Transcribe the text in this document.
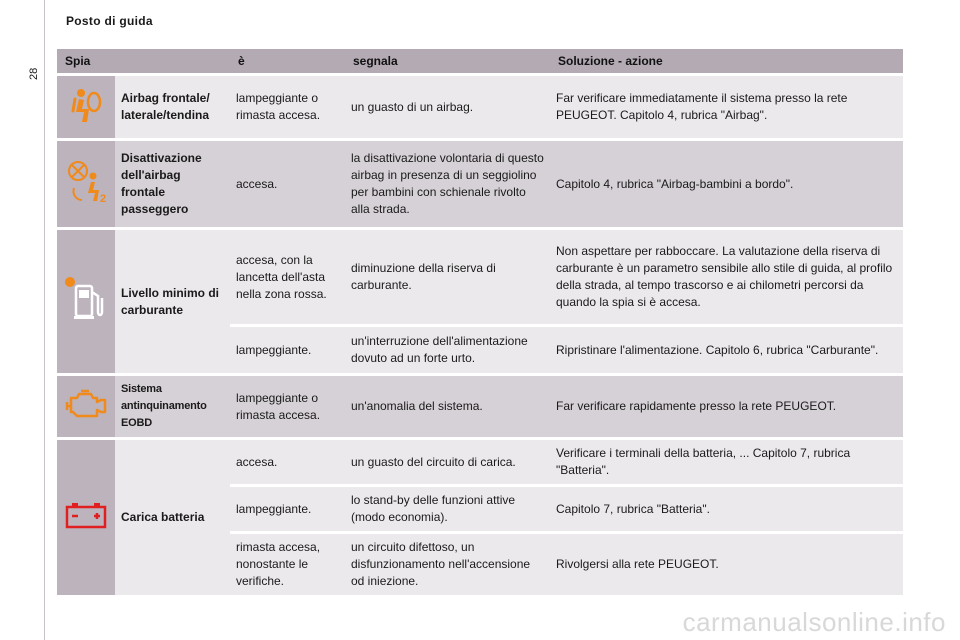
Posto di guida
28
Spia		è	segnala	Soluzione - azione
	Airbag frontale/ laterale/tendina	lampeggiante o rimasta accesa.	un guasto di un airbag.	Far verificare immediatamente il sistema presso la rete PEUGEOT. Capitolo 4, rubrica "Airbag".

2	Disattivazione dell'airbag frontale passeggero	accesa.	la disattivazione volontaria di questo airbag in presenza di un seggiolino per bambini con schienale rivolto alla strada.	Capitolo 4, rubrica "Airbag-bambini a bordo".
	Livello minimo di carburante	accesa, con la lancetta dell'asta nella zona rossa.	diminuzione della riserva di carburante.	Non aspettare per rabboccare. La valutazione della riserva di carburante è un parametro sensibile allo stile di guida, al profilo della strada, al tempo trascorso e ai chilometri percorsi da quando la spia si è accesa.
		lampeggiante.	un'interruzione dell'alimentazione dovuto ad un forte urto.	Ripristinare l'alimentazione. Capitolo 6, rubrica "Carburante".
	Sistema antinquinamento EOBD	lampeggiante o rimasta accesa.	un'anomalia del sistema.	Far verificare rapidamente presso la rete PEUGEOT.
	Carica batteria	accesa.	un guasto del circuito di carica.	Verificare i terminali della batteria, ... Capitolo 7, rubrica "Batteria".
		lampeggiante.	lo stand-by delle funzioni attive (modo economia).	Capitolo 7, rubrica "Batteria".
		rimasta accesa, nonostante le verifiche.	un circuito difettoso, un disfunzionamento nell'accensione od iniezione.	Rivolgersi alla rete PEUGEOT.
carmanualsonline.info
